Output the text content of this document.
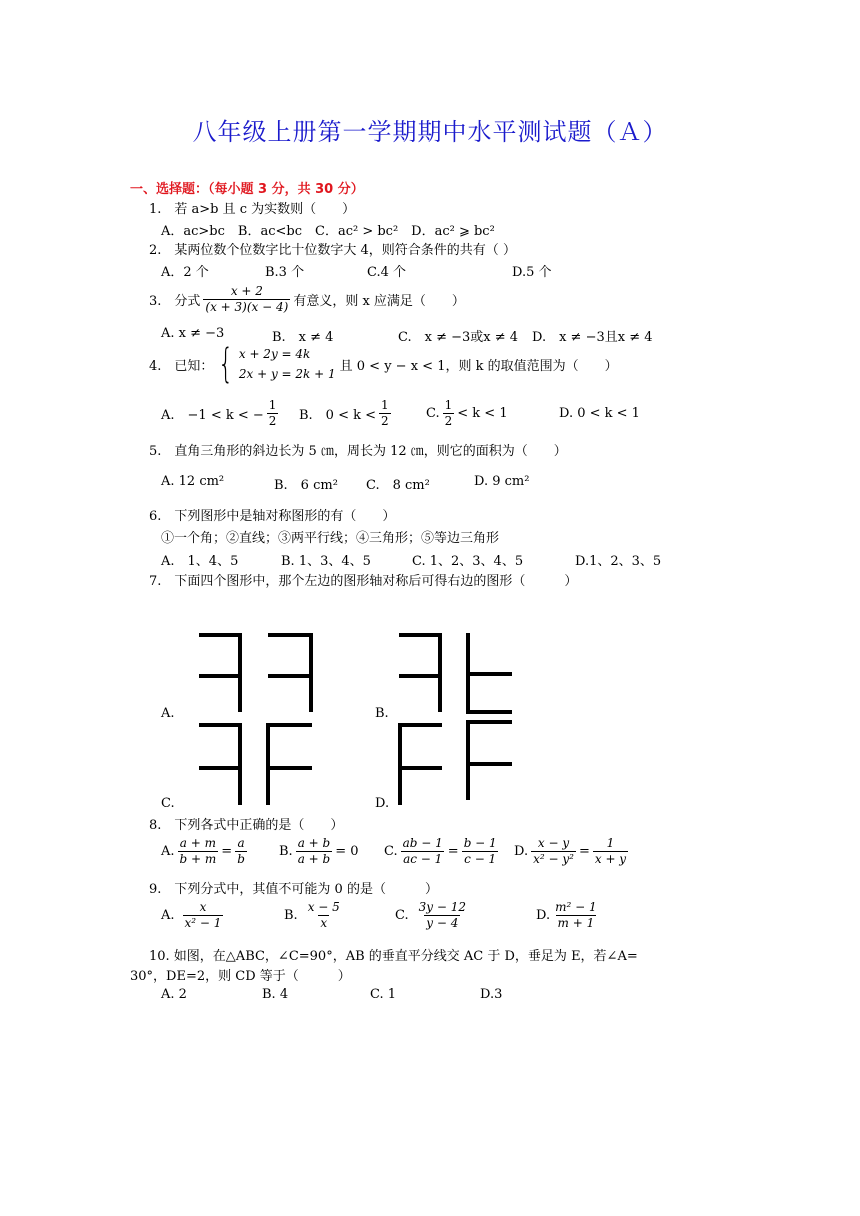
八年级上册第一学期期中水平测试题（Ａ）
一、选择题：（每小题 3 分，共 30 分）
1.　若 a>b 且 c 为实数则（　　）
A．ac>bc　B．ac<bc　C．ac² > bc²　D．ac² ⩾ bc²
2.　某两位数个位数字比十位数字大 4，则符合条件的共有（ ）
A．2 个	B.3 个	C.4 个	D.5 个
3.　分式 $\frac{x + 2}{(x + 3)(x - 4)}$ 有意义，则 x 应满足（　　）
A. x ≠ −3	B.　x ≠ 4	C.　x ≠ −3或x ≠ 4 D.　x ≠ −3且x ≠ 4
4.　已知： { x + 2y = 4k
2x + y = 2k + 1
且 0 < y − x < 1，则 k 的取值范围为（　　）
A.　−1 < k < − $\frac{1}{2} B$.　$0 < k < \frac{1}{2}$	C. $\frac{1}{2} < k < 1$	D. 0 < k < 1
5.　直角三角形的斜边长为 5 ㎝，周长为 12 ㎝，则它的面积为（　　）
A. 12 cm²	B.　6 cm² C.　8 cm²	D. 9 cm²
6.　下列图形中是轴对称图形的有（　　）
①一个角；②直线；③两平行线；④三角形；⑤等边三角形
A.　1、4、5	B. 1、3、4、5	C. 1、2、3、4、5	D.1、2、3、5
7.　下面四个图形中，那个左边的图形轴对称后可得右边的图形（　　　）
A.	B.
C.	D.
8.　下列各式中正确的是（　　）
A. $\frac{a + m}{b + m} = \frac{a}{b} B$. $\frac{a + b}{a + b} = 0$ C. $\frac{ab - 1}{ac - 1} = \frac{b - 1}{c - 1} D$. $\frac{x - y}{\text{x² − y²}} = \frac{1}{x + y}$
9.　下列分式中，其值不可能为 0 的是（　　　）
A. $\frac{x}{\text{x² − 1}}$	B. $\frac{x - 5}{x}$	C. $\frac{3y - 12}{y - 4}$	D. $\frac{\text{m² − 1}}{m + 1}$
10. 如图，在△ABC，∠C=90°，AB 的垂直平分线交 AC 于 D，垂足为 E，若∠A=
30°，DE=2，则 CD 等于（　　　）
A. 2	B. 4	C. 1	D.3
